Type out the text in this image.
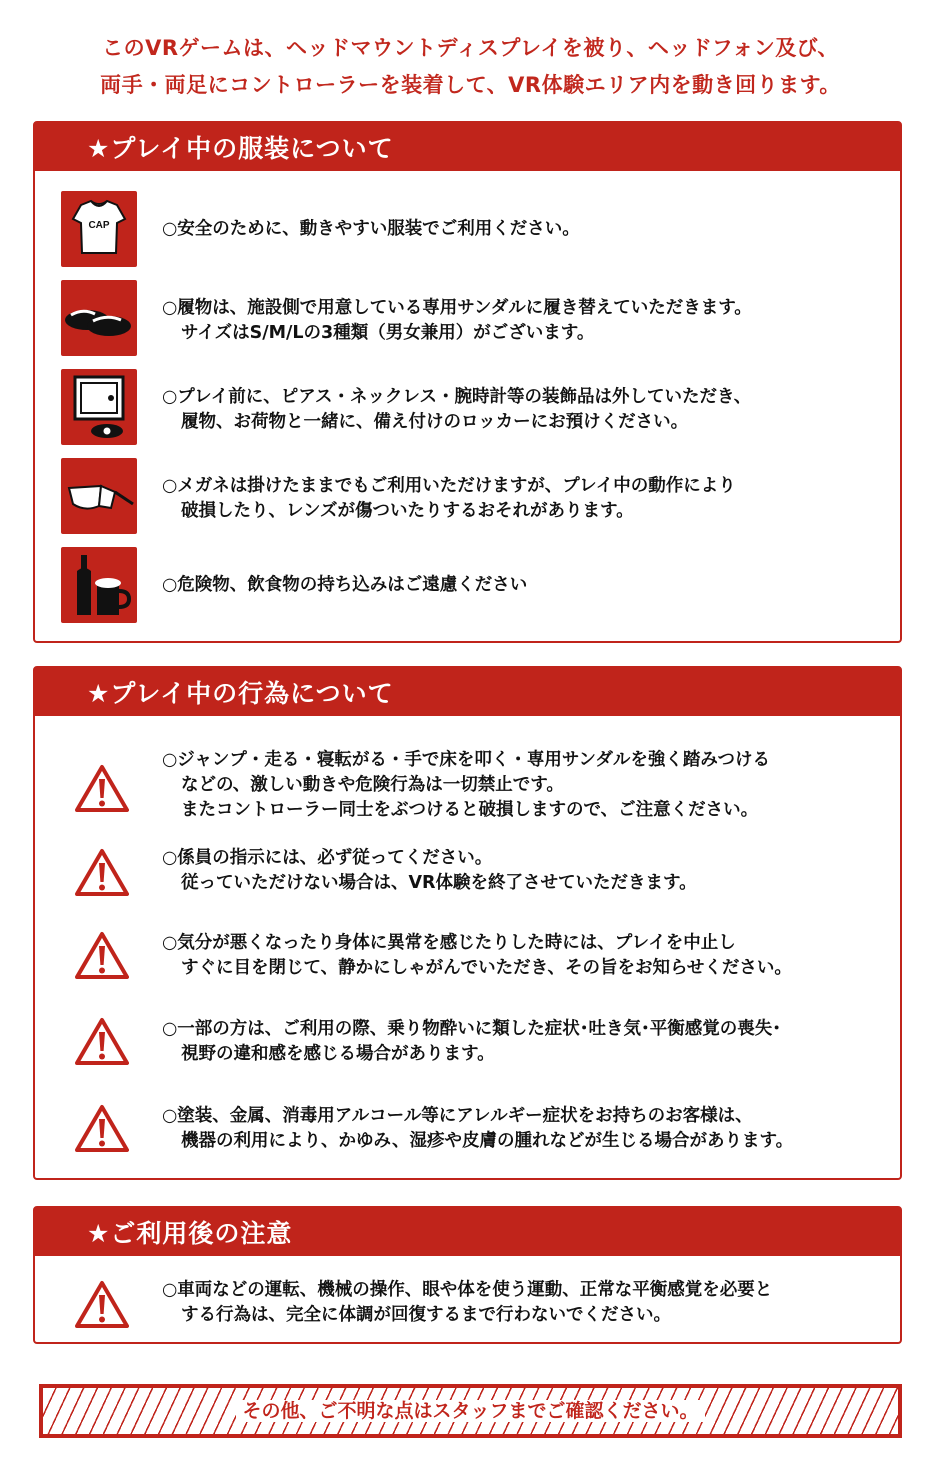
このVRゲームは、ヘッドマウントディスプレイを被り、ヘッドフォン及び、
両手・両足にコントローラーを装着して、VR体験エリア内を動き回ります。
★プレイ中の服装について
CAP	○安全のために、動きやすい服装でご利用ください。
○履物は、施設側で用意している専用サンダルに履き替えていただきます。
サイズはS/M/Lの3種類（男女兼用）がございます。
○プレイ前に、ピアス・ネックレス・腕時計等の装飾品は外していただき、
履物、お荷物と一緒に、備え付けのロッカーにお預けください。
○メガネは掛けたままでもご利用いただけますが、プレイ中の動作により
破損したり、レンズが傷ついたりするおそれがあります。
○危険物、飲食物の持ち込みはご遠慮ください
★プレイ中の行為について
○ジャンプ・走る・寝転がる・手で床を叩く・専用サンダルを強く踏みつける
などの、激しい動きや危険行為は一切禁止です。
またコントローラー同士をぶつけると破損しますので、ご注意ください。
○係員の指示には、必ず従ってください。
従っていただけない場合は、VR体験を終了させていただきます。
○気分が悪くなったり身体に異常を感じたりした時には、プレイを中止し
すぐに目を閉じて、静かにしゃがんでいただき、その旨をお知らせください。
○一部の方は、ご利用の際、乗り物酔いに類した症状･吐き気･平衡感覚の喪失･
視野の違和感を感じる場合があります。
○塗装、金属、消毒用アルコール等にアレルギー症状をお持ちのお客様は、
機器の利用により、かゆみ、湿疹や皮膚の腫れなどが生じる場合があります。
★ご利用後の注意
○車両などの運転、機械の操作、眼や体を使う運動、正常な平衡感覚を必要と
する行為は、完全に体調が回復するまで行わないでください。
その他、ご不明な点はスタッフまでご確認ください。
